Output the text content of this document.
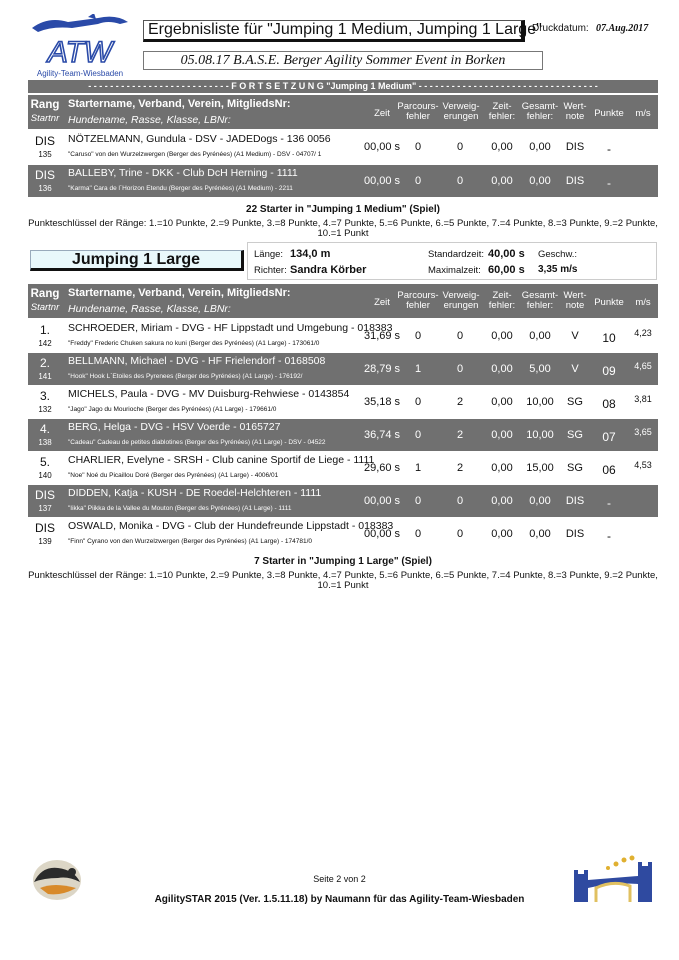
ATW
Agility-Team-Wiesbaden
Ergebnisliste für "Jumping 1 Medium, Jumping 1 Large"
Druckdatum: 07.Aug.2017
05.08.17 B.A.S.E. Berger Agility Sommer Event in Borken
- - - - - - - - - - - - - - - - - - - - - - - - - - F O R T S E T Z U N G "Jumping 1 Medium" - - - - - - - - - - - - - - - - - - - - - - - - - - - - - - - - -
Rang
Startnr
Startername, Verband, Verein, MitgliedsNr:
Hundename, Rasse, Klasse, LBNr:
Zeit
Parcours-
fehler
Verweig-
erungen
Zeit-
fehler:
Gesamt-
fehler:
Wert-
note	Punkte	m/s
DIS
135
NÖTZELMANN, Gundula - DSV - JADEDogs - 136 0056
"Caruso" von den Wurzelzwergen (Berger des Pyrénées) (A1 Medium) - DSV - 04707/ 1
00,00 s	0	0	0,00	0,00	DIS	-
DIS
136
BALLEBY, Trine - DKK - Club DcH Herning - 1111
"Karma" Cara de l´Horizon Etendu (Berger des Pyrénées) (A1 Medium) - 2211
00,00 s	0	0	0,00	0,00	DIS	-
22 Starter in "Jumping 1 Medium" (Spiel)
Punkteschlüssel der Ränge: 1.=10 Punkte, 2.=9 Punkte, 3.=8 Punkte, 4.=7 Punkte, 5.=6 Punkte, 6.=5 Punkte, 7.=4 Punkte, 8.=3 Punkte, 9.=2 Punkte,
10.=1 Punkt
Jumping 1 Large	Länge: 134,0 m
Richter: Sandra Körber
Standardzeit: 40,00 s
Maximalzeit: 60,00 s
Geschw.:
3,35 m/s
Rang
Startnr
Startername, Verband, Verein, MitgliedsNr:
Hundename, Rasse, Klasse, LBNr:
Zeit
Parcours-
fehler
Verweig-
erungen
Zeit-
fehler:
Gesamt-
fehler:
Wert-
note	Punkte	m/s
1.
142
SCHROEDER, Miriam - DVG - HF Lippstadt und Umgebung - 018383
"Freddy" Frederic Chuken sakura no kuni (Berger des Pyrénées) (A1 Large) - 173061/0
31,69 s	0	0	0,00	0,00	V	10	4,23
2.
141
BELLMANN, Michael - DVG - HF Frielendorf - 0168508
"Hook" Hook L`Etoiles des Pyrenees (Berger des Pyrénées) (A1 Large) - 176192/
28,79 s	1	0	0,00	5,00	V	09	4,65
3.
132
MICHELS, Paula - DVG - MV Duisburg-Rehwiese - 0143854
"Jago" Jago du Mourioche (Berger des Pyrénées) (A1 Large) - 179661/0
35,18 s	0	2	0,00	10,00	SG	08	3,81
4.
138
BERG, Helga - DVG - HSV Voerde - 0165727
"Cadeau" Cadeau de petites diablotines (Berger des Pyrénées) (A1 Large) - DSV - 04522
36,74 s	0	2	0,00	10,00	SG	07	3,65
5.
140
CHARLIER, Evelyne - SRSH - Club canine Sportif de Liege - 1111
"Noe" Noé du Picaillou Doré (Berger des Pyrénées) (A1 Large) - 4006/01
29,60 s	1	2	0,00	15,00	SG	06	4,53
DIS
137
DIDDEN, Katja - KUSH - DE Roedel-Helchteren - 1111
"Iikka" Piikka de la Vallee du Mouton (Berger des Pyrénées) (A1 Large) - 1111
00,00 s	0	0	0,00	0,00	DIS	-
DIS
139
OSWALD, Monika - DVG - Club der Hundefreunde Lippstadt - 018383
"Finn" Cyrano von den Wurzelzwergen (Berger des Pyrénées) (A1 Large) - 174781/0
00,00 s	0	0	0,00	0,00	DIS	-
7 Starter in "Jumping 1 Large" (Spiel)
Punkteschlüssel der Ränge: 1.=10 Punkte, 2.=9 Punkte, 3.=8 Punkte, 4.=7 Punkte, 5.=6 Punkte, 6.=5 Punkte, 7.=4 Punkte, 8.=3 Punkte, 9.=2 Punkte,
10.=1 Punkt
Seite 2 von 2
AgilitySTAR 2015 (Ver. 1.5.11.18) by Naumann für das Agility-Team-Wiesbaden
